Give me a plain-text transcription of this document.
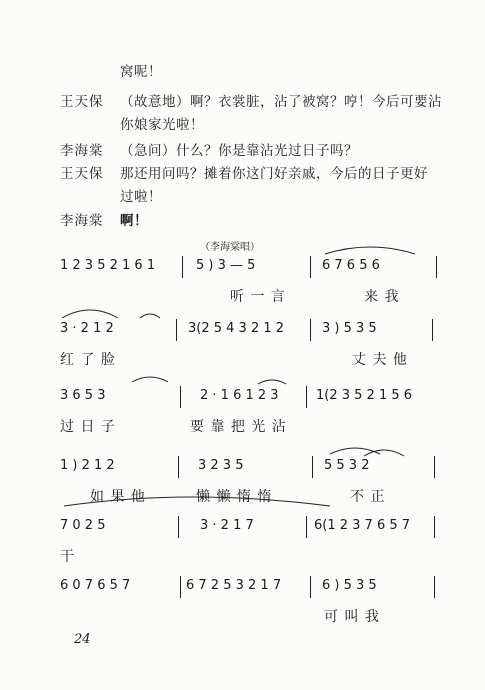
窝呢！
王天保 （故意地）啊？衣裳脏，沾了被窝？哼！今后可要沾
你娘家光啦！
李海棠 （急问）什么？你是靠沾光过日子吗？
王天保 那还用问吗？摊着你这门好亲戚，今后的日子更好
过啦！
李海棠 啊！
（李海棠唱）
1 2 3 5 2 1 6 1	5 ) 3 — 5	6 7 6 5 6
听 一 言	来 我
3 · 2 1 2	3(2 5 4 3 2 1 2	3 ) 5 3 5
红 了 脸	丈 夫 他
3 6 5 3	2 · 1 6 1 2 3	1(2 3 5 2 1 5 6
过 日 子	要 靠 把 光 沾
1 ) 2 1 2	3 2 3 5	5 5 3 2
如 果 他	懒 懒 惰 惰	不 正
7 0 2 5	3 · 2 1 7	6(1 2 3 7 6 5 7
干
6 0 7 6 5 7	6 7 2 5 3 2 1 7	6 ) 5 3 5
可 叫 我
24
